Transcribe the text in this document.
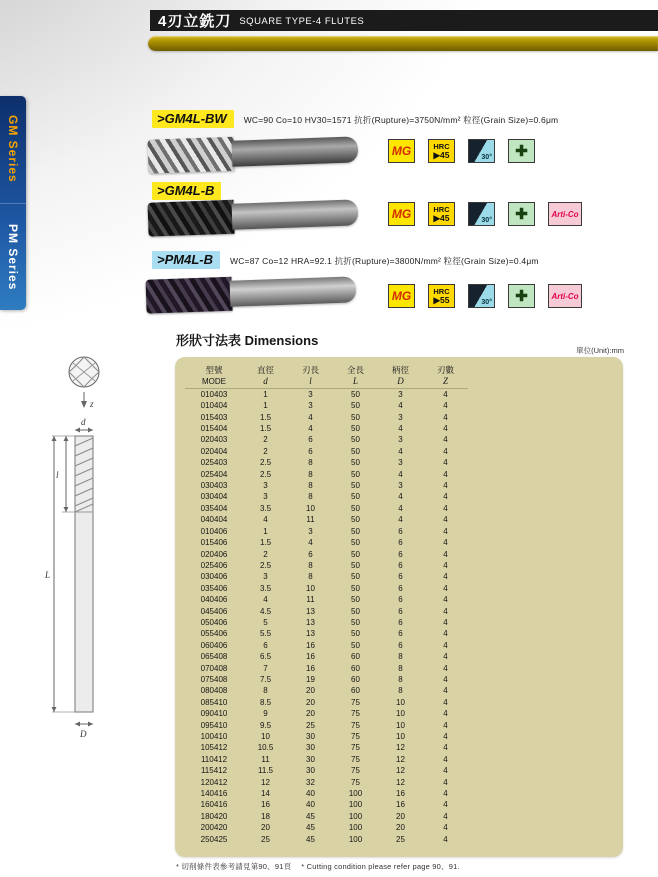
4刃立銑刀 SQUARE TYPE-4 FLUTES
GM Series
PM Series
>GM4L-BW	WC=90 Co=10 HV30=1571 抗折(Rupture)=3750N/mm² 粒徑(Grain Size)=0.6μm
MG	HRC
▶45	30°	✚
>GM4L-B
MG	HRC
▶45	30°	✚	Arti-Co
>PM4L-B	WC=87 Co=12 HRA=92.1 抗折(Rupture)=3800N/mm² 粒徑(Grain Size)=0.4μm
MG	HRC
▶55	30°	✚	Arti-Co
形狀寸法表 Dimensions
單位(Unit):mm
z
d
l
L
D
型號	直徑	刃長	全長	柄徑	刃數
MODE	d	l	L	D	Z
010403	1	3	50	3	4
010404	1	3	50	4	4
015403	1.5	4	50	3	4
015404	1.5	4	50	4	4
020403	2	6	50	3	4
020404	2	6	50	4	4
025403	2.5	8	50	3	4
025404	2.5	8	50	4	4
030403	3	8	50	3	4
030404	3	8	50	4	4
035404	3.5	10	50	4	4
040404	4	11	50	4	4
010406	1	3	50	6	4
015406	1.5	4	50	6	4
020406	2	6	50	6	4
025406	2.5	8	50	6	4
030406	3	8	50	6	4
035406	3.5	10	50	6	4
040406	4	11	50	6	4
045406	4.5	13	50	6	4
050406	5	13	50	6	4
055406	5.5	13	50	6	4
060406	6	16	50	6	4
065408	6.5	16	60	8	4
070408	7	16	60	8	4
075408	7.5	19	60	8	4
080408	8	20	60	8	4
085410	8.5	20	75	10	4
090410	9	20	75	10	4
095410	9.5	25	75	10	4
100410	10	30	75	10	4
105412	10.5	30	75	12	4
110412	11	30	75	12	4
115412	11.5	30	75	12	4
120412	12	32	75	12	4
140416	14	40	100	16	4
160416	16	40	100	16	4
180420	18	45	100	20	4
200420	20	45	100	20	4
250425	25	45	100	25	4
* 切削條件表參考請見第90、91頁　 * Cutting condition please refer page 90、91.
